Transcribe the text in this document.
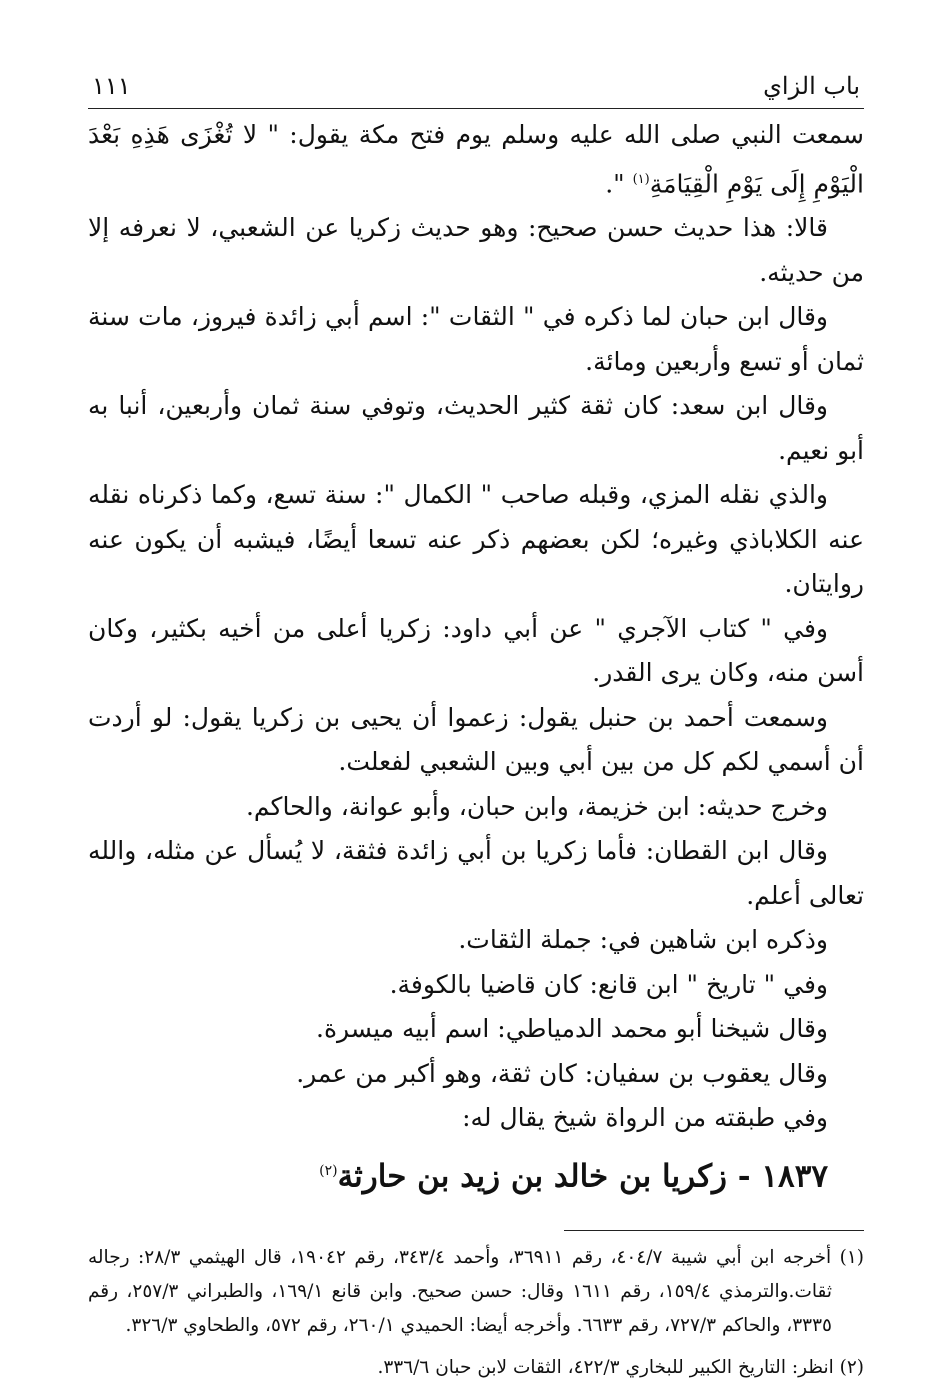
باب الزاي
١١١

سمعت النبي صلى الله عليه وسلم يوم فتح مكة يقول: " لا تُغْزَى هَذِهِ بَعْدَ الْيَوْمِ إِلَى يَوْمِ الْقِيَامَةِ$^{(١)}$ ".

قالا: هذا حديث حسن صحيح: وهو حديث زكريا عن الشعبي، لا نعرفه إلا من حديثه.

وقال ابن حبان لما ذكره في " الثقات ": اسم أبي زائدة فيروز، مات سنة ثمان أو تسع وأربعين ومائة.

وقال ابن سعد: كان ثقة كثير الحديث، وتوفي سنة ثمان وأربعين، أنبا به أبو نعيم.

والذي نقله المزي، وقبله صاحب " الكمال ": سنة تسع، وكما ذكرناه نقله عنه الكلاباذي وغيره؛ لكن بعضهم ذكر عنه تسعا أيضًا، فيشبه أن يكون عنه روايتان.

وفي " كتاب الآجري " عن أبي داود: زكريا أعلى من أخيه بكثير، وكان أسن منه، وكان يرى القدر.

وسمعت أحمد بن حنبل يقول: زعموا أن يحيى بن زكريا يقول: لو أردت أن أسمي لكم كل من بين أبي وبين الشعبي لفعلت.

وخرج حديثه: ابن خزيمة، وابن حبان، وأبو عوانة، والحاكم.

وقال ابن القطان: فأما زكريا بن أبي زائدة فثقة، لا يُسأل عن مثله، والله تعالى أعلم.

وذكره ابن شاهين في: جملة الثقات.

وفي " تاريخ " ابن قانع: كان قاضيا بالكوفة.

وقال شيخنا أبو محمد الدمياطي: اسم أبيه ميسرة.

وقال يعقوب بن سفيان: كان ثقة، وهو أكبر من عمر.

وفي طبقته من الرواة شيخ يقال له:

١٨٣٧ - زكريا بن خالد بن زيد بن حارثة$^{(٢)}$

(١) أخرجه ابن أبي شيبة ٤٠٤/٧، رقم ٣٦٩١١، وأحمد ٣٤٣/٤، رقم ١٩٠٤٢، قال الهيثمي ٢٨/٣: رجاله ثقات.والترمذي ١٥٩/٤، رقم ١٦١١ وقال: حسن صحيح. وابن قانع ١٦٩/١، والطبراني ٢٥٧/٣، رقم ٣٣٣٥، والحاكم ٧٢٧/٣، رقم ٦٦٣٣. وأخرجه أيضا: الحميدي ٢٦٠/١، رقم ٥٧٢، والطحاوي ٣٢٦/٣.

(٢) انظر: التاريخ الكبير للبخاري ٤٢٢/٣، الثقات لابن حبان ٣٣٦/٦.
